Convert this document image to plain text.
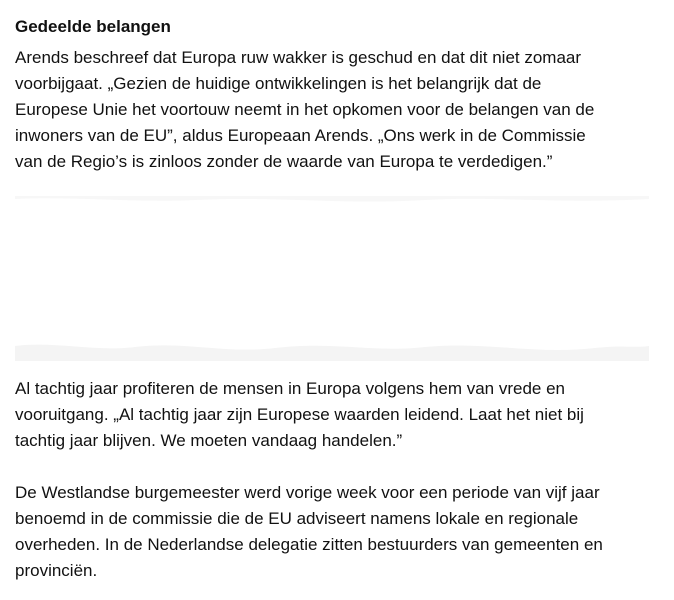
Gedeelde belangen

Arends beschreef dat Europa ruw wakker is geschud en dat dit niet zomaar
voorbijgaat. „Gezien de huidige ontwikkelingen is het belangrijk dat de
Europese Unie het voortouw neemt in het opkomen voor de belangen van de
inwoners van de EU”, aldus Europeaan Arends. „Ons werk in de Commissie
van de Regio’s is zinloos zonder de waarde van Europa te verdedigen.”

Al tachtig jaar profiteren de mensen in Europa volgens hem van vrede en
vooruitgang. „Al tachtig jaar zijn Europese waarden leidend. Laat het niet bij
tachtig jaar blijven. We moeten vandaag handelen.”

De Westlandse burgemeester werd vorige week voor een periode van vijf jaar
benoemd in de commissie die de EU adviseert namens lokale en regionale
overheden. In de Nederlandse delegatie zitten bestuurders van gemeenten en
provinciën.
